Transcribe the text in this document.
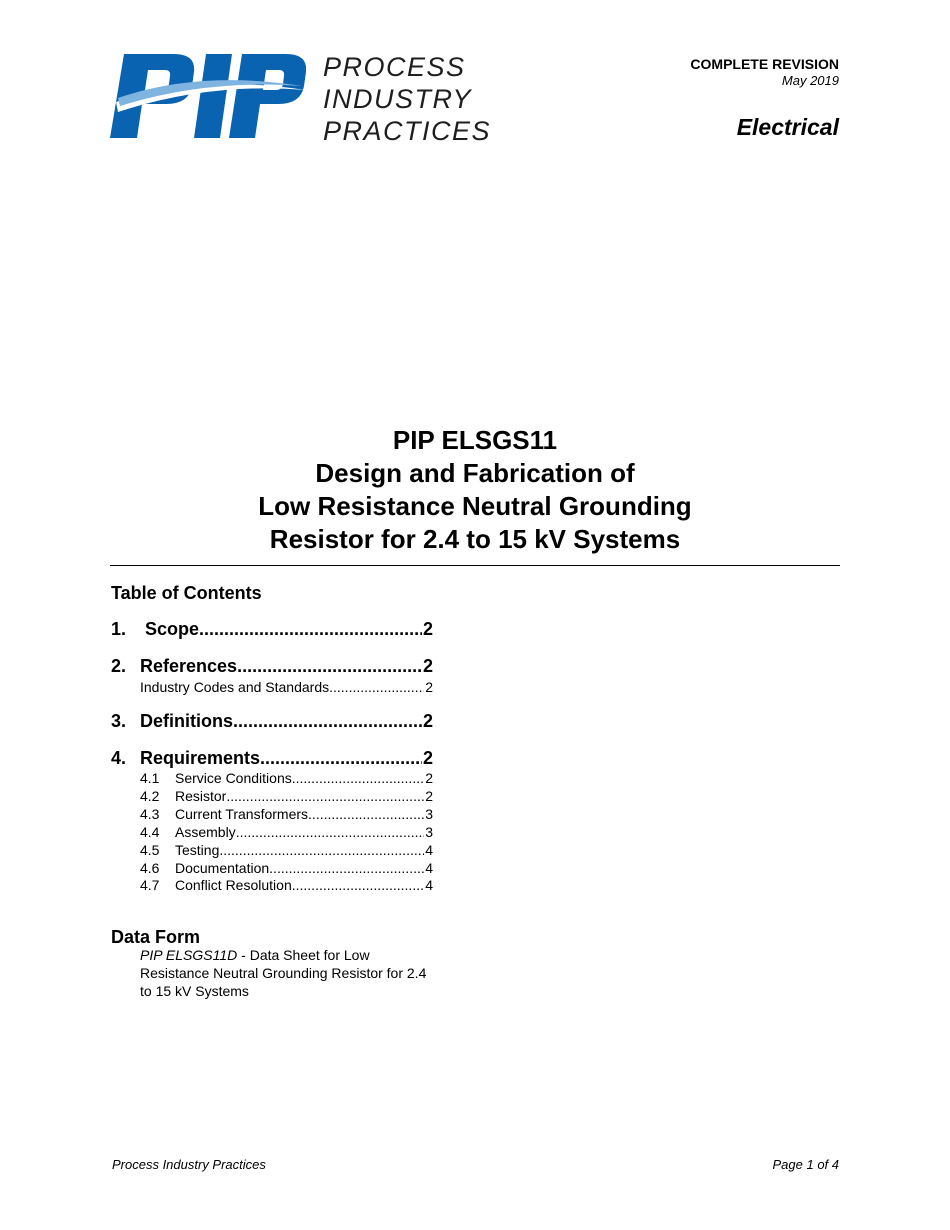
PROCESS
INDUSTRY
PRACTICES
COMPLETE REVISION
May 2019
Electrical
PIP ELSGS11
Design and Fabrication of
Low Resistance Neutral Grounding
Resistor for 2.4 to 15 kV Systems
Table of Contents
1.	Scope .....	2
2. References .....	2
Industry Codes and Standards .....	2
3. Definitions .....	2
4. Requirements .....	2
4.1	Service Conditions .....	2
4.2	Resistor .....	2
4.3	Current Transformers .....	3
4.4	Assembly .....	3
4.5	Testing .....	4
4.6	Documentation .....	4
4.7	Conflict Resolution .....	4
Data Form
PIP ELSGS11D - Data Sheet for Low Resistance Neutral Grounding Resistor for 2.4 to 15 kV Systems
Process Industry Practices	Page 1 of 4
